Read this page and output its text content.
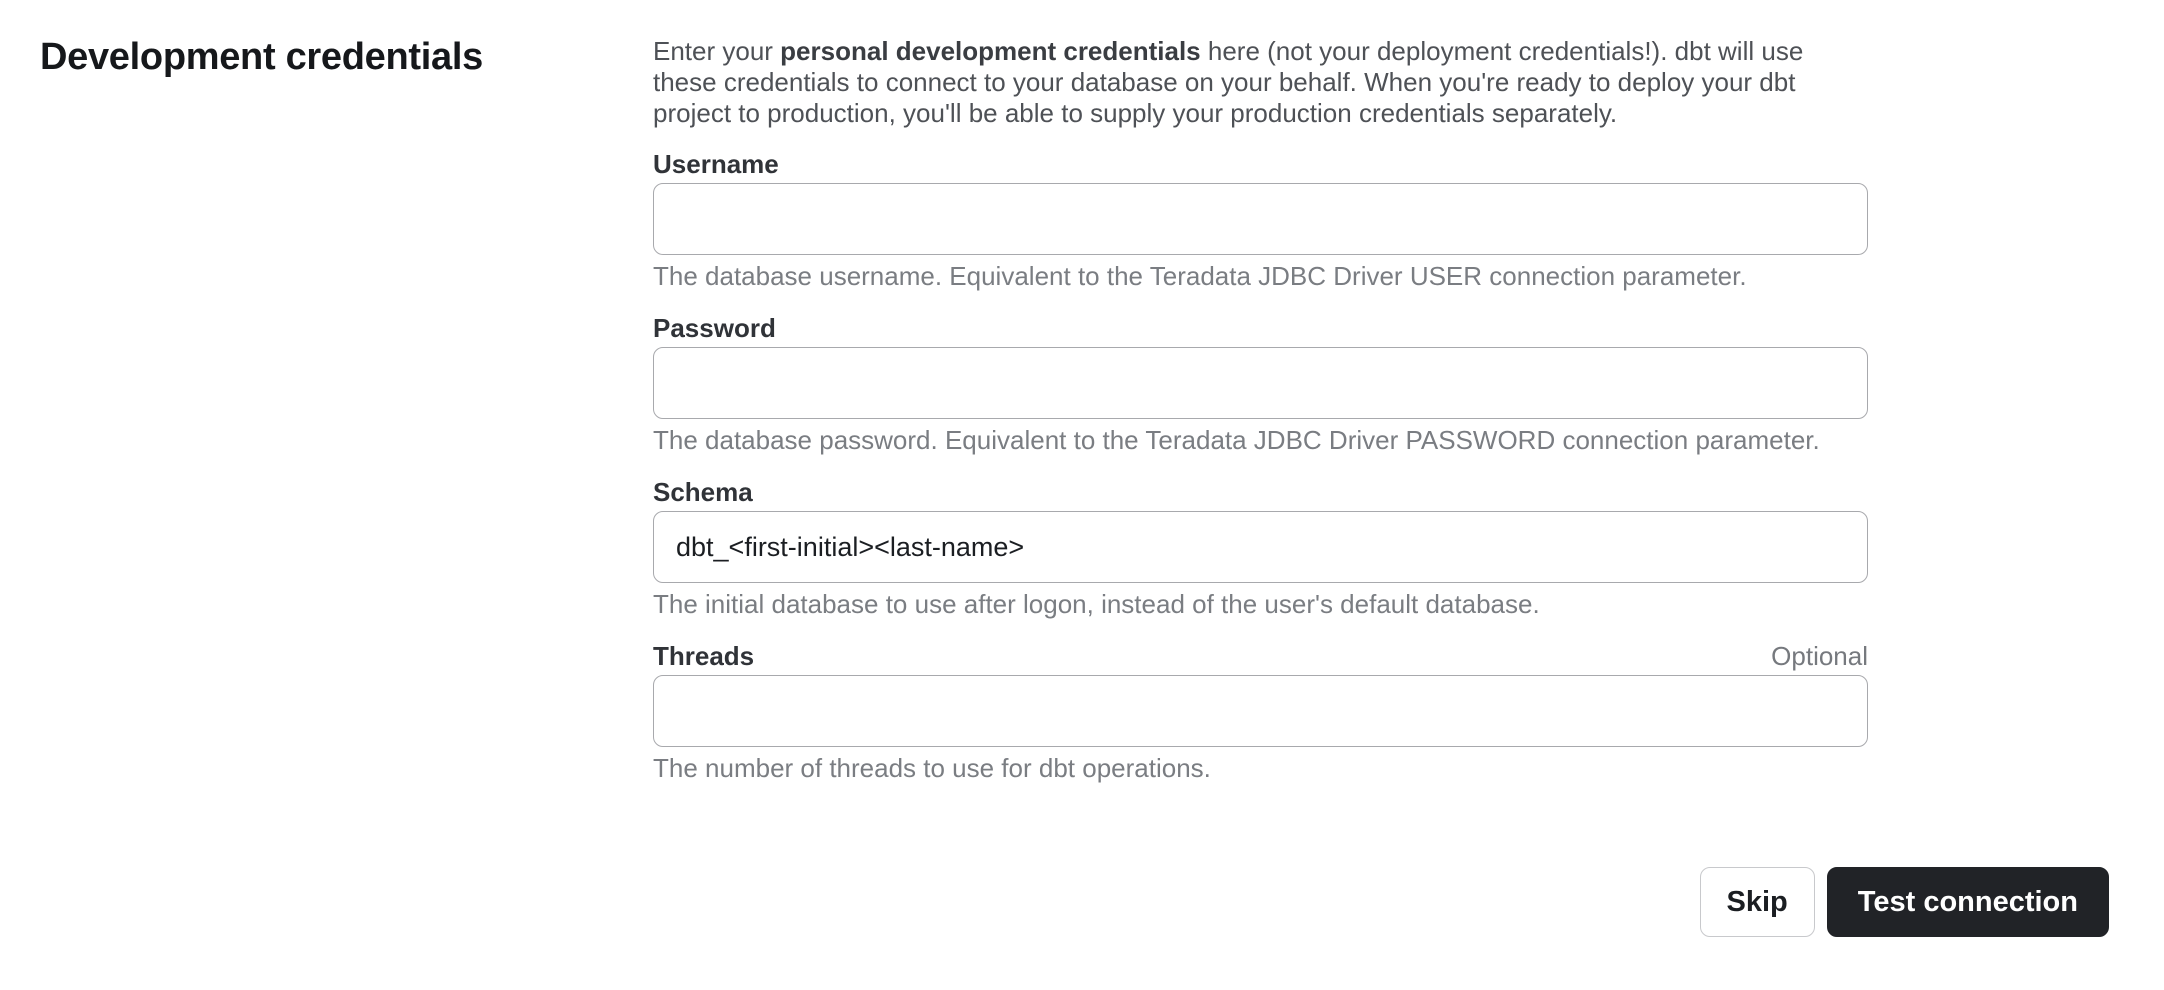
Development credentials	Enter your personal development credentials here (not your deployment credentials!). dbt will use these credentials to connect to your database on your behalf. When you're ready to deploy your dbt project to production, you'll be able to supply your production credentials separately.

Username

The database username. Equivalent to the Teradata JDBC Driver USER connection parameter.

Password

The database password. Equivalent to the Teradata JDBC Driver PASSWORD connection parameter.

Schema
dbt_<first-initial><last-name>

The initial database to use after logon, instead of the user's default database.

Threads	Optional

The number of threads to use for dbt operations.

Skip	Test connection
